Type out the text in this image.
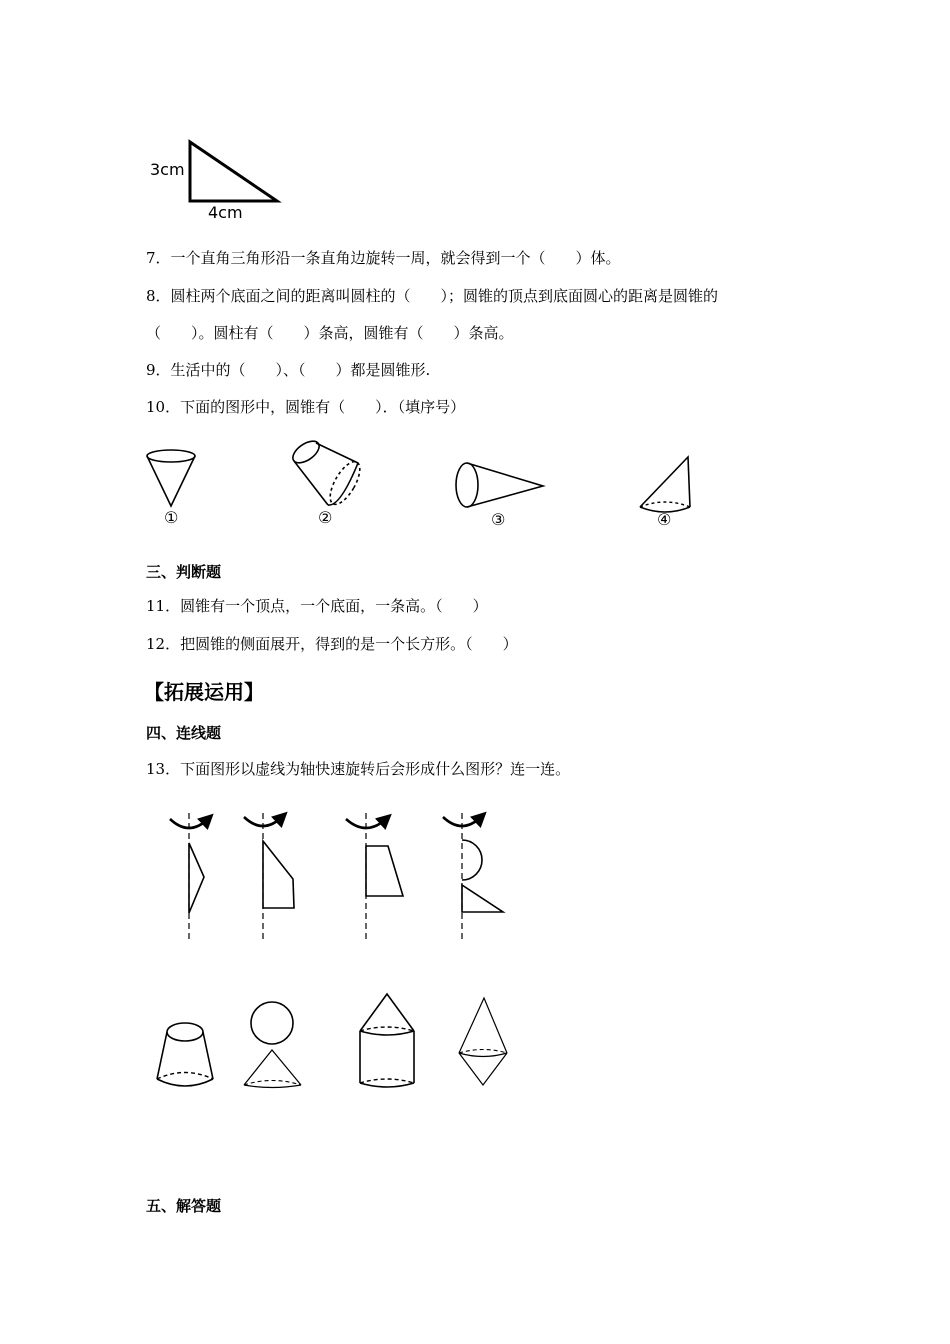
3cm
4cm
7．一个直角三角形沿一条直角边旋转一周，就会得到一个（　　）体。
8．圆柱两个底面之间的距离叫圆柱的（　　）；圆锥的顶点到底面圆心的距离是圆锥的
（　　）。圆柱有（　　）条高，圆锥有（　　）条高。
9．生活中的（　　）、（　　）都是圆锥形.
10．下面的图形中，圆锥有（　　）．（填序号）
①	②	③	④
三、判断题
11．圆锥有一个顶点，一个底面，一条高。（　　）
12．把圆锥的侧面展开，得到的是一个长方形。（　　）
【拓展运用】
四、连线题
13．下面图形以虚线为轴快速旋转后会形成什么图形？连一连。
五、解答题
